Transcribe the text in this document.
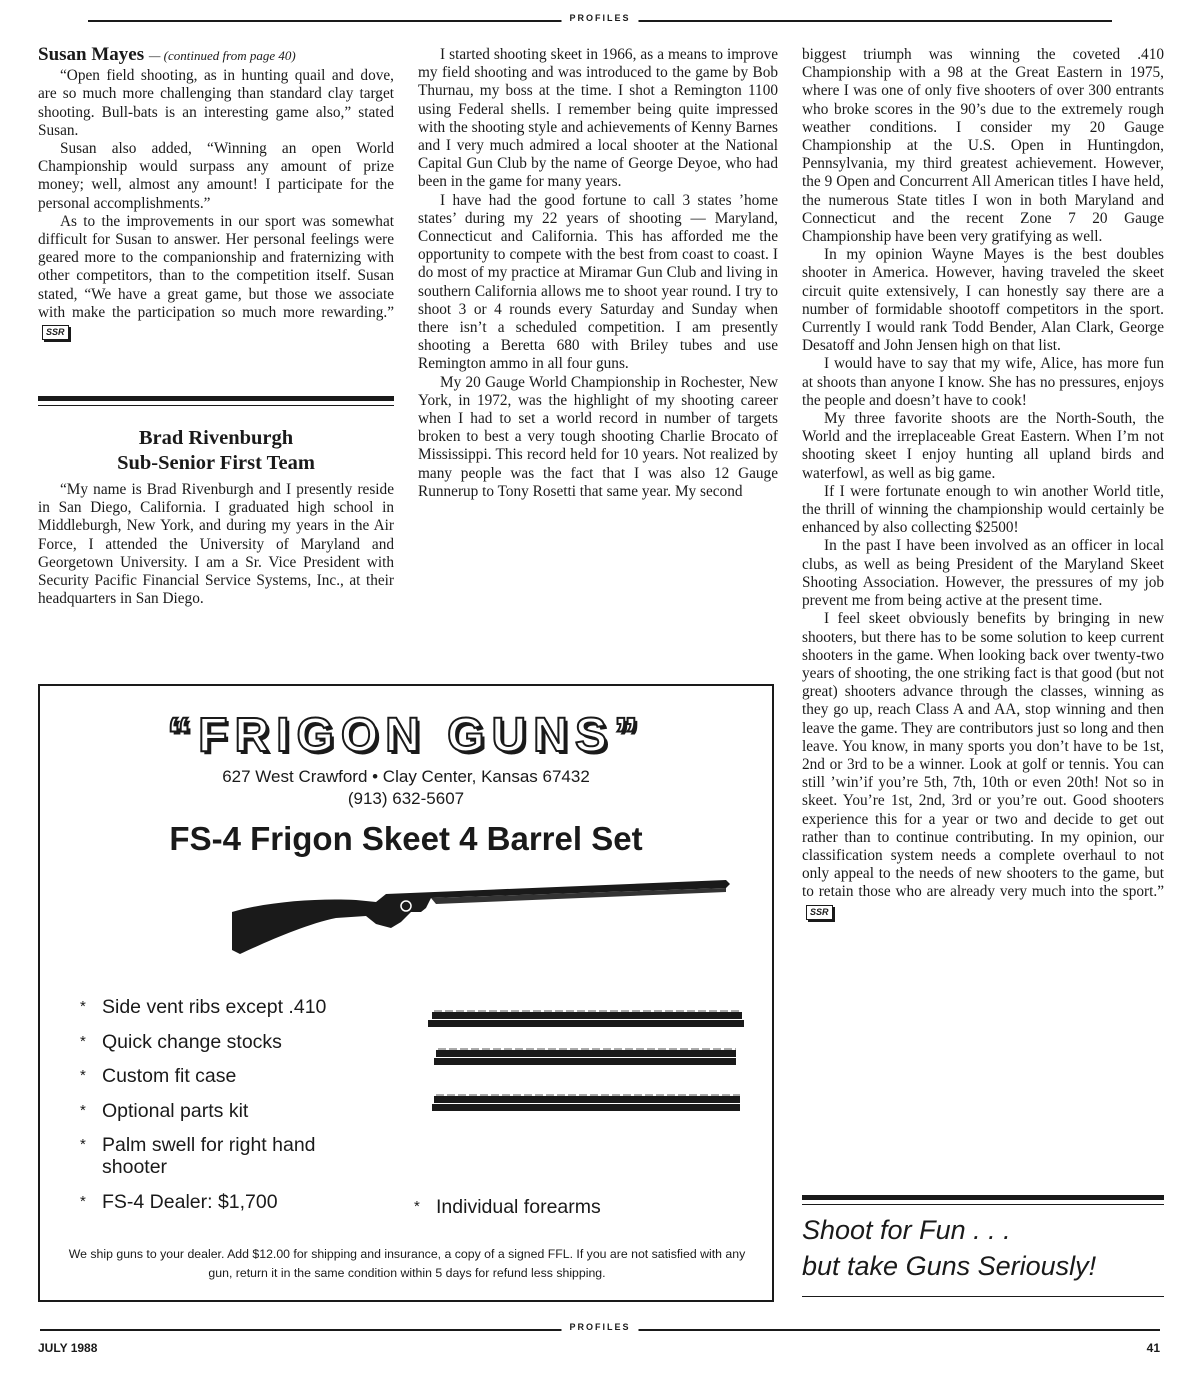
PROFILES

Susan Mayes — (continued from page 40)

“Open field shooting, as in hunting quail and dove, are so much more challenging than standard clay target shooting. Bull-bats is an interesting game also,” stated Susan.

Susan also added, “Winning an open World Championship would surpass any amount of prize money; well, almost any amount! I participate for the personal accomplishments.”

As to the improvements in our sport was somewhat difficult for Susan to answer. Her personal feelings were geared more to the companionship and fraternizing with other competitors, than to the competition itself. Susan stated, “We have a great game, but those we associate with make the participation so much more rewarding.”SSR

Brad Rivenburgh
Sub-Senior First Team

“My name is Brad Rivenburgh and I presently reside in San Diego, California. I graduated high school in Middleburgh, New York, and during my years in the Air Force, I attended the University of Maryland and Georgetown University. I am a Sr. Vice President with Security Pacific Financial Service Systems, Inc., at their headquarters in San Diego.

I started shooting skeet in 1966, as a means to improve my field shooting and was introduced to the game by Bob Thurnau, my boss at the time. I shot a Remington 1100 using Federal shells. I remember being quite impressed with the shooting style and achievements of Kenny Barnes and I very much admired a local shooter at the National Capital Gun Club by the name of George Deyoe, who had been in the game for many years.

I have had the good fortune to call 3 states ’home states’ during my 22 years of shooting — Maryland, Connecticut and California. This has afforded me the opportunity to compete with the best from coast to coast. I do most of my practice at Miramar Gun Club and living in southern California allows me to shoot year round. I try to shoot 3 or 4 rounds every Saturday and Sunday when there isn’t a scheduled competition. I am presently shooting a Beretta 680 with Briley tubes and use Remington ammo in all four guns.

My 20 Gauge World Championship in Rochester, New York, in 1972, was the highlight of my shooting career when I had to set a world record in number of targets broken to best a very tough shooting Charlie Brocato of Mississippi. This record held for 10 years. Not realized by many people was the fact that I was also 12 Gauge Runnerup to Tony Rosetti that same year. My second

biggest triumph was winning the coveted .410 Championship with a 98 at the Great Eastern in 1975, where I was one of only five shooters of over 300 entrants who broke scores in the 90’s due to the extremely rough weather conditions. I consider my 20 Gauge Championship at the U.S. Open in Huntingdon, Pennsylvania, my third greatest achievement. However, the 9 Open and Concurrent All American titles I have held, the numerous State titles I won in both Maryland and Connecticut and the recent Zone 7 20 Gauge Championship have been very gratifying as well.

In my opinion Wayne Mayes is the best doubles shooter in America. However, having traveled the skeet circuit quite extensively, I can honestly say there are a number of formidable shootoff competitors in the sport. Currently I would rank Todd Bender, Alan Clark, George Desatoff and John Jensen high on that list.

I would have to say that my wife, Alice, has more fun at shoots than anyone I know. She has no pressures, enjoys the people and doesn’t have to cook!

My three favorite shoots are the North-South, the World and the irreplaceable Great Eastern. When I’m not shooting skeet I enjoy hunting all upland birds and waterfowl, as well as big game.

If I were fortunate enough to win another World title, the thrill of winning the championship would certainly be enhanced by also collecting $2500!

In the past I have been involved as an officer in local clubs, as well as being President of the Maryland Skeet Shooting Association. However, the pressures of my job prevent me from being active at the present time.

I feel skeet obviously benefits by bringing in new shooters, but there has to be some solution to keep current shooters in the game. When looking back over twenty-two years of shooting, the one striking fact is that good (but not great) shooters advance through the classes, winning as they go up, reach Class A and AA, stop winning and then leave the game. They are contributors just so long and then leave. You know, in many sports you don’t have to be 1st, 2nd or 3rd to be a winner. Look at golf or tennis. You can still ’win’if you’re 5th, 7th, 10th or even 20th! Not so in skeet. You’re 1st, 2nd, 3rd or you’re out. Good shooters experience this for a year or two and decide to get out rather than to continue contributing. In my opinion, our classification system needs a complete overhaul to not only appeal to the needs of new shooters to the game, but to retain those who are already very much into the sport.”SSR

Shoot for Fun . . .
but take Guns Seriously!
“FRIGON GUNS”
627 West Crawford • Clay Center, Kansas 67432
(913) 632-5607
FS-4 Frigon Skeet 4 Barrel Set
* Side vent ribs except .410
* Quick change stocks
* Custom fit case
* Optional parts kit
* Palm swell for right hand shooter
* FS-4 Dealer: $1,700	* Individual forearms
We ship guns to your dealer. Add $12.00 for shipping and insurance, a copy of a signed FFL. If you are not satisfied with any gun, return it in the same condition within 5 days for refund less shipping.
PROFILES
JULY 1988	41
